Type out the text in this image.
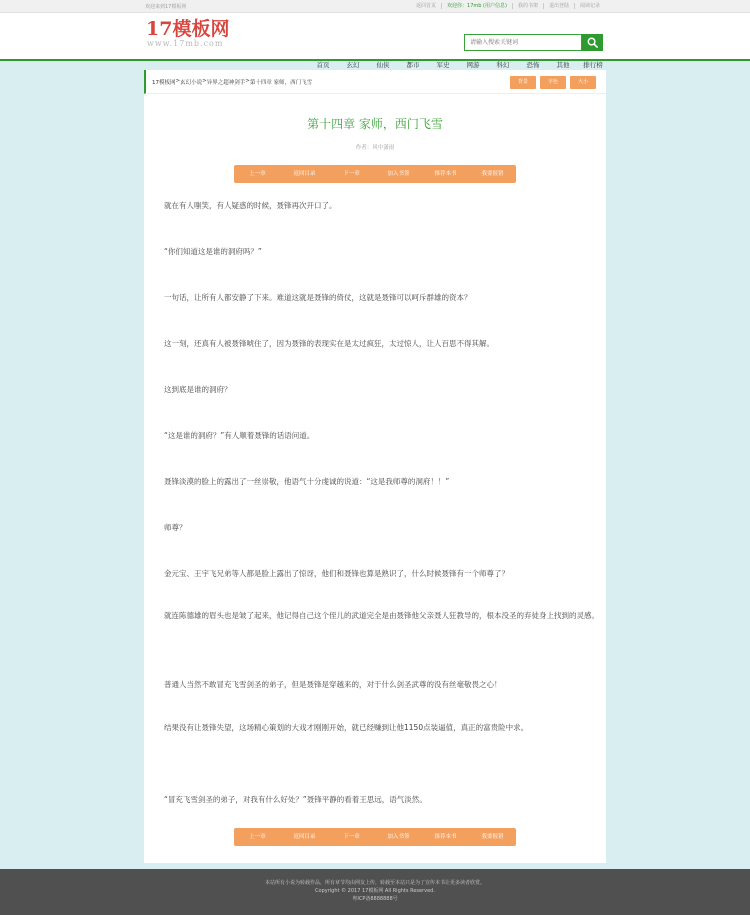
欢迎来到17模板网	返回首页	欢迎你：17mb (用户信息)	我的书架	退出登陆	阅读记录
17模板网
www.17mb.com
请输入搜索关键词
首页	玄幻	仙侠	都市	军史	网游	科幻	恐怖	其他	排行榜
17模板网 > 玄幻小说 > 异界之超神剑手 > 第十四章 家师，西门飞雪	背景	字色	大小
第十四章 家师，西门飞雪
作者：风中潇雨
上一章	返回目录	下一章	加入书签	推荐本书	我要报错

就在有人嗤笑，有人疑惑的时候，聂锋再次开口了。

“你们知道这是谁的洞府吗？”

一句话，让所有人都安静了下来。难道这就是聂锋的倚仗，这就是聂锋可以呵斥群雄的资本？

这一刻，还真有人被聂锋唬住了，因为聂锋的表现实在是太过疯狂，太过惊人，让人百思不得其解。

这到底是谁的洞府？

“这是谁的洞府？”有人顺着聂锋的话语问道。

聂锋淡漠的脸上的露出了一丝崇敬，他语气十分虔诚的说道：“这是我师尊的洞府！！”

师尊？

金元宝、王宇飞兄弟等人都是脸上露出了惊讶，他们和聂锋也算是熟识了，什么时候聂锋有一个师尊了？

就连陈德雄的眉头也是皱了起来，他记得自己这个侄儿的武道完全是由聂锋他父亲聂人狂教导的，根本没圣的弃徒身上找到的灵感。

普通人当然不敢冒充飞雪剑圣的弟子，但是聂锋是穿越来的，对于什么剑圣武尊的没有丝毫敬畏之心！

结果没有让聂锋失望，这场精心策划的大戏才刚刚开始，就已经赚到让他1150点装逼值，真正的富贵险中求。

“冒充飞雪剑圣的弟子，对我有什么好处？”聂锋平静的看着王思远，语气淡然。

上一章	返回目录	下一章	加入书签	推荐本书	我要报错

本站所有小说为转载作品，所有章节均由网友上传，转载至本站只是为了宣传本书让更多读者欣赏。

Copyright © 2017 17模板网 All Rights Reserved.

粤ICP备8888888号
